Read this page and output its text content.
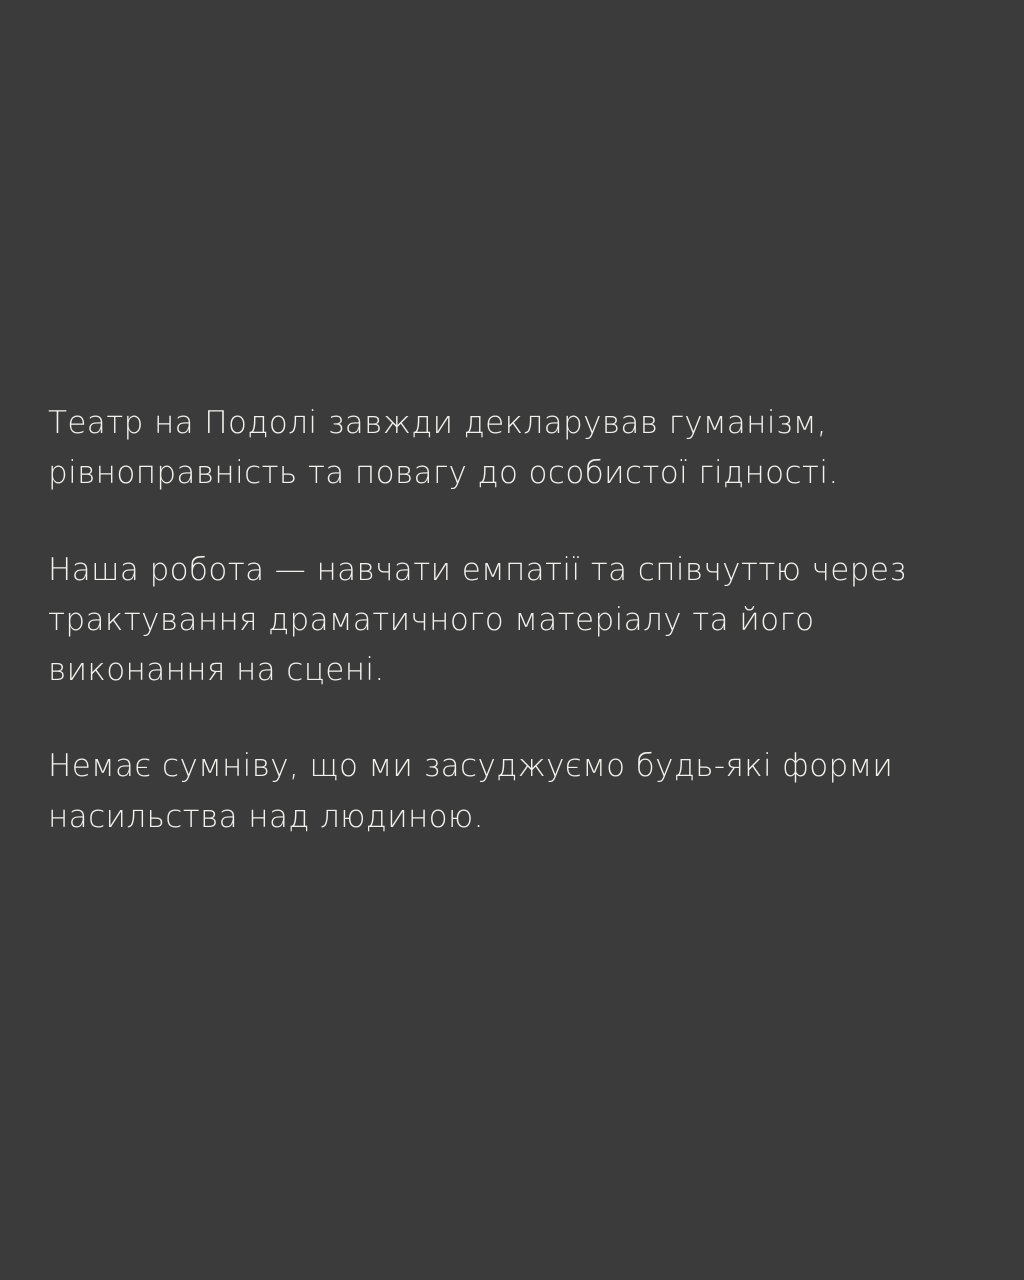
Театр на Подолі завжди декларував гуманізм, рівноправність та повагу до особистої гідності.

Наша робота — навчати емпатії та співчуттю через трактування драматичного матеріалу та його виконання на сцені.

Немає сумніву, що ми засуджуємо будь-які форми насильства над людиною.
